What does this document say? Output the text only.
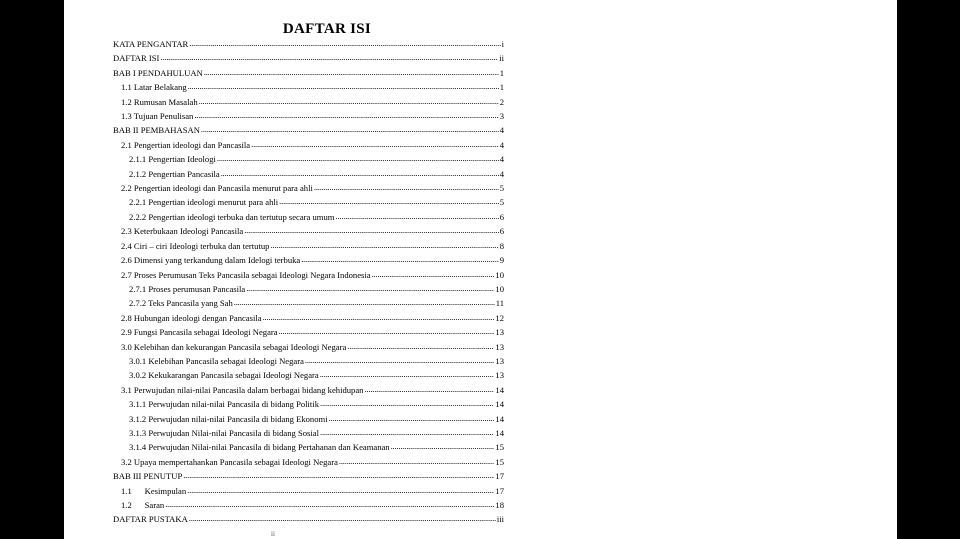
DAFTAR ISI
KATA PENGANTAR .....	i
DAFTAR ISI .....	ii
BAB I PENDAHULUAN .....	1
1.1 Latar Belakang .....	1
1.2 Rumusan Masalah .....	2
1.3 Tujuan Penulisan .....	3
BAB II PEMBAHASAN .....	4
2.1 Pengertian ideologi dan Pancasila .....	4
2.1.1 Pengertian Ideologi .....	4
2.1.2 Pengertian Pancasila .....	4
2.2 Pengertian ideologi dan Pancasila menurut para ahli .....	5
2.2.1 Pengertian ideologi menurut para ahli .....	5
2.2.2 Pengertian ideologi terbuka dan tertutup secara umum .....	6
2.3 Keterbukaan Ideologi Pancasila .....	6
2.4 Ciri – ciri Ideologi terbuka dan tertutup .....	8
2.6 Dimensi yang terkandung dalam Idelogi terbuka .....	9
2.7 Proses Perumusan Teks Pancasila sebagai Ideologi Negara Indonesia .....	10
2.7.1 Proses perumusan Pancasila .....	10
2.7.2 Teks Pancasila yang Sah .....	11
2.8 Hubungan ideologi dengan Pancasila .....	12
2.9 Fungsi Pancasila sebagai Ideologi Negara .....	13
3.0 Kelebihan dan kekurangan Pancasila sebagai Ideologi Negara .....	13
3.0.1 Kelebihan Pancasila sebagai Ideologi Negara .....	13
3.0.2 Kekukarangan Pancasila sebagai Ideologi Negara .....	13
3.1 Perwujudan nilai-nilai Pancasila dalam berbagai bidang kehidupan .....	14
3.1.1 Perwujudan nilai-nilai Pancasila di bidang Politik .....	14
3.1.2 Perwujudan nilai-nilai Pancasila di bidang Ekonomi .....	14
3.1.3 Perwujudan Nilai-nilai Pancasila di bidang Sosial .....	14
3.1.4 Perwujudan Nilai-nilai Pancasila di bidang Pertahanan dan Keamanan .....	15
3.2 Upaya mempertahankan Pancasila sebagai Ideologi Negara .....	15
BAB III PENUTUP .....	17
1.1      Kesimpulan .....	17
1.2      Saran .....	18
DAFTAR PUSTAKA .....	iii
ii
